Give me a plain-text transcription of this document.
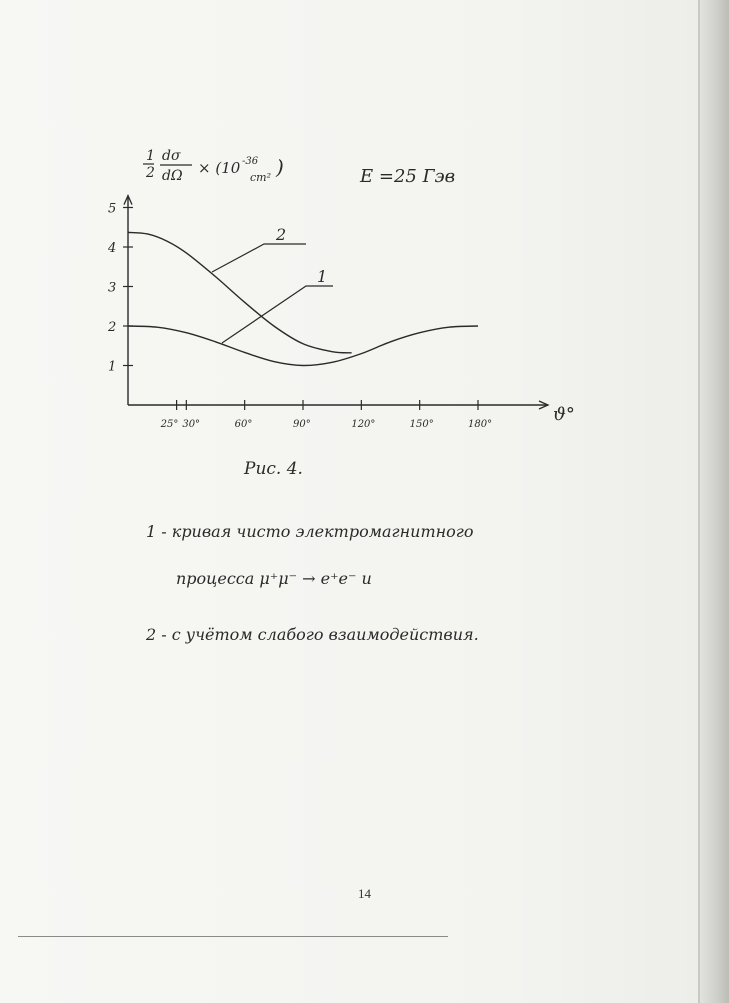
1
2
3
4
5
25° 30°	60°	90°	120°	150°	180°
2
1
1
2
dσ
dΩ × (10 -36
cm² )	E =25 Гэв
ϑ°
Рис. 4.
1 - кривая чисто электромагнитного
процесса μ⁺μ⁻ → e⁺e⁻ и
2 - с учётом слабого взаимодействия.
14
